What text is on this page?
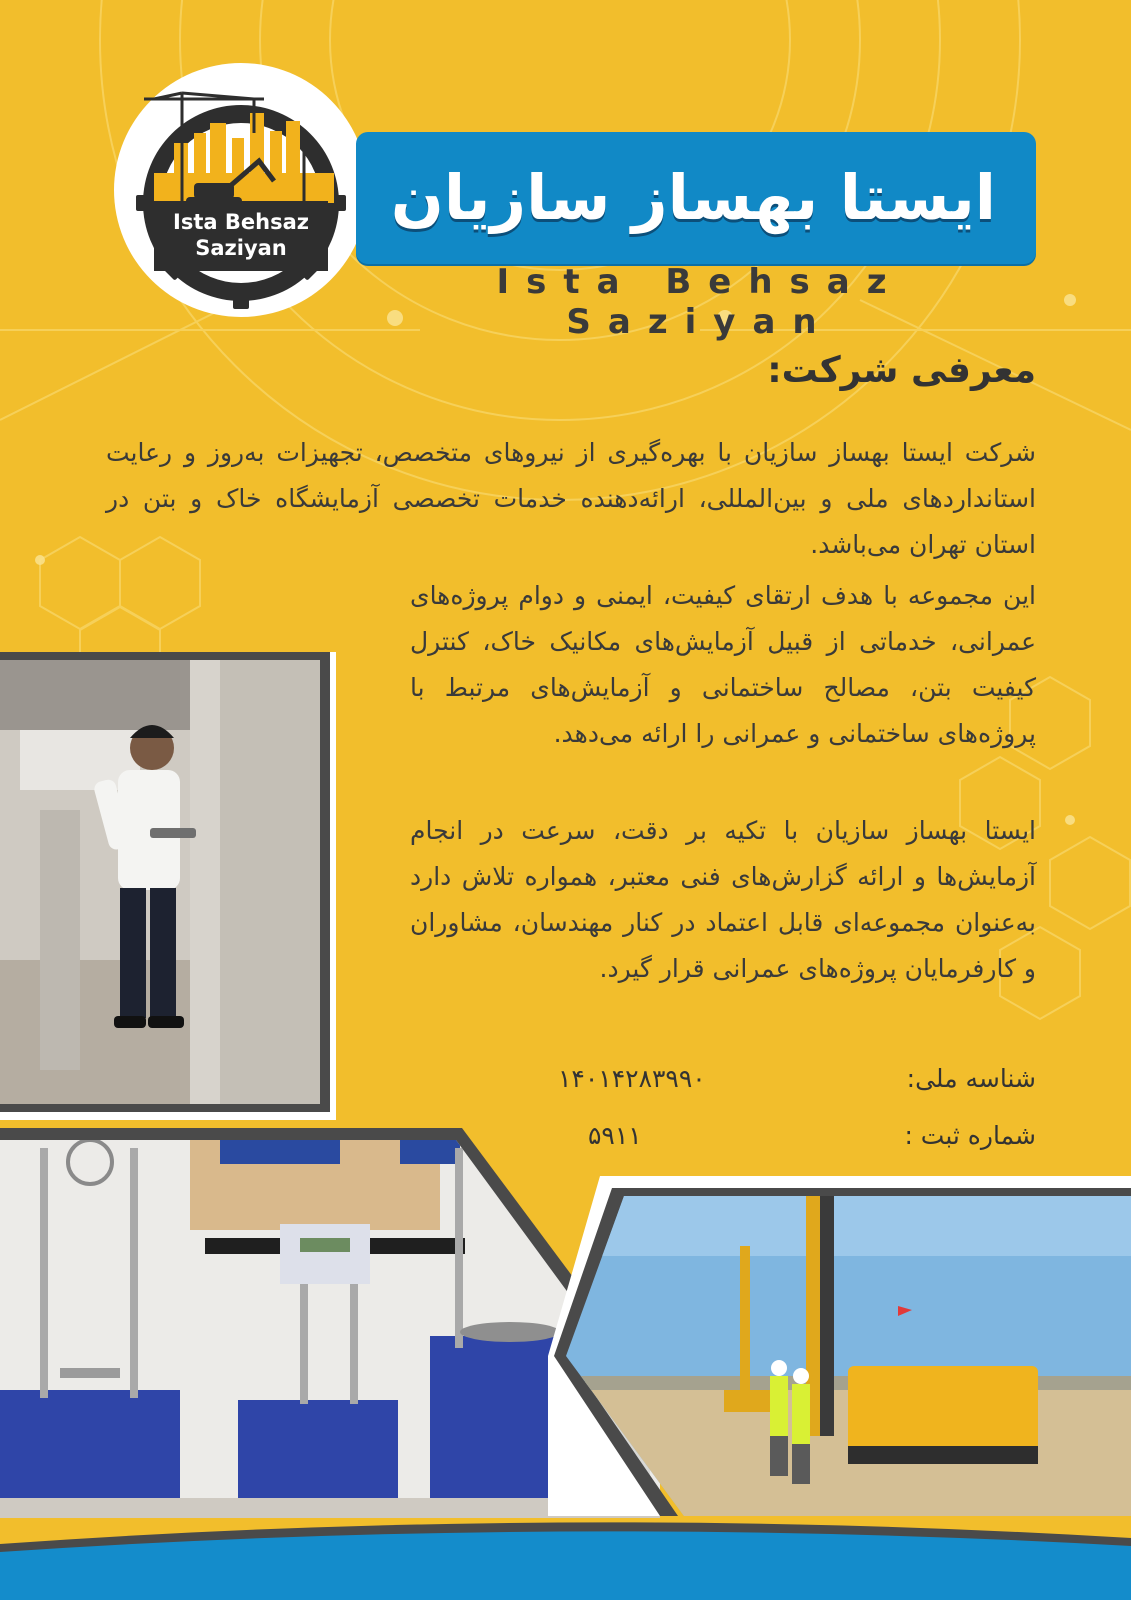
Ista Behsaz
Saziyan
ایستا بهساز سازیان
Ista Behsaz Saziyan
معرفی شرکت:
شرکت ایستا بهساز سازیان با بهره‌گیری از نیروهای متخصص، تجهیزات به‌روز و رعایت استانداردهای ملی و بین‌المللی، ارائه‌دهنده خدمات تخصصی آزمایشگاه خاک و بتن در استان تهران می‌باشد.
این مجموعه با هدف ارتقای کیفیت، ایمنی و دوام پروژه‌های عمرانی، خدماتی از قبیل آزمایش‌های مکانیک خاک، کنترل کیفیت بتن، مصالح ساختمانی و آزمایش‌های مرتبط با پروژه‌های ساختمانی و عمرانی را ارائه می‌دهد.
ایستا بهساز سازیان با تکیه بر دقت، سرعت در انجام آزمایش‌ها و ارائه گزارش‌های فنی معتبر، همواره تلاش دارد به‌عنوان مجموعه‌ای قابل اعتماد در کنار مهندسان، مشاوران و کارفرمایان پروژه‌های عمرانی قرار گیرد.
شناسه ملی:
۱۴۰۱۴۲۸۳۹۹۰
شماره ثبت :
۵۹۱۱
